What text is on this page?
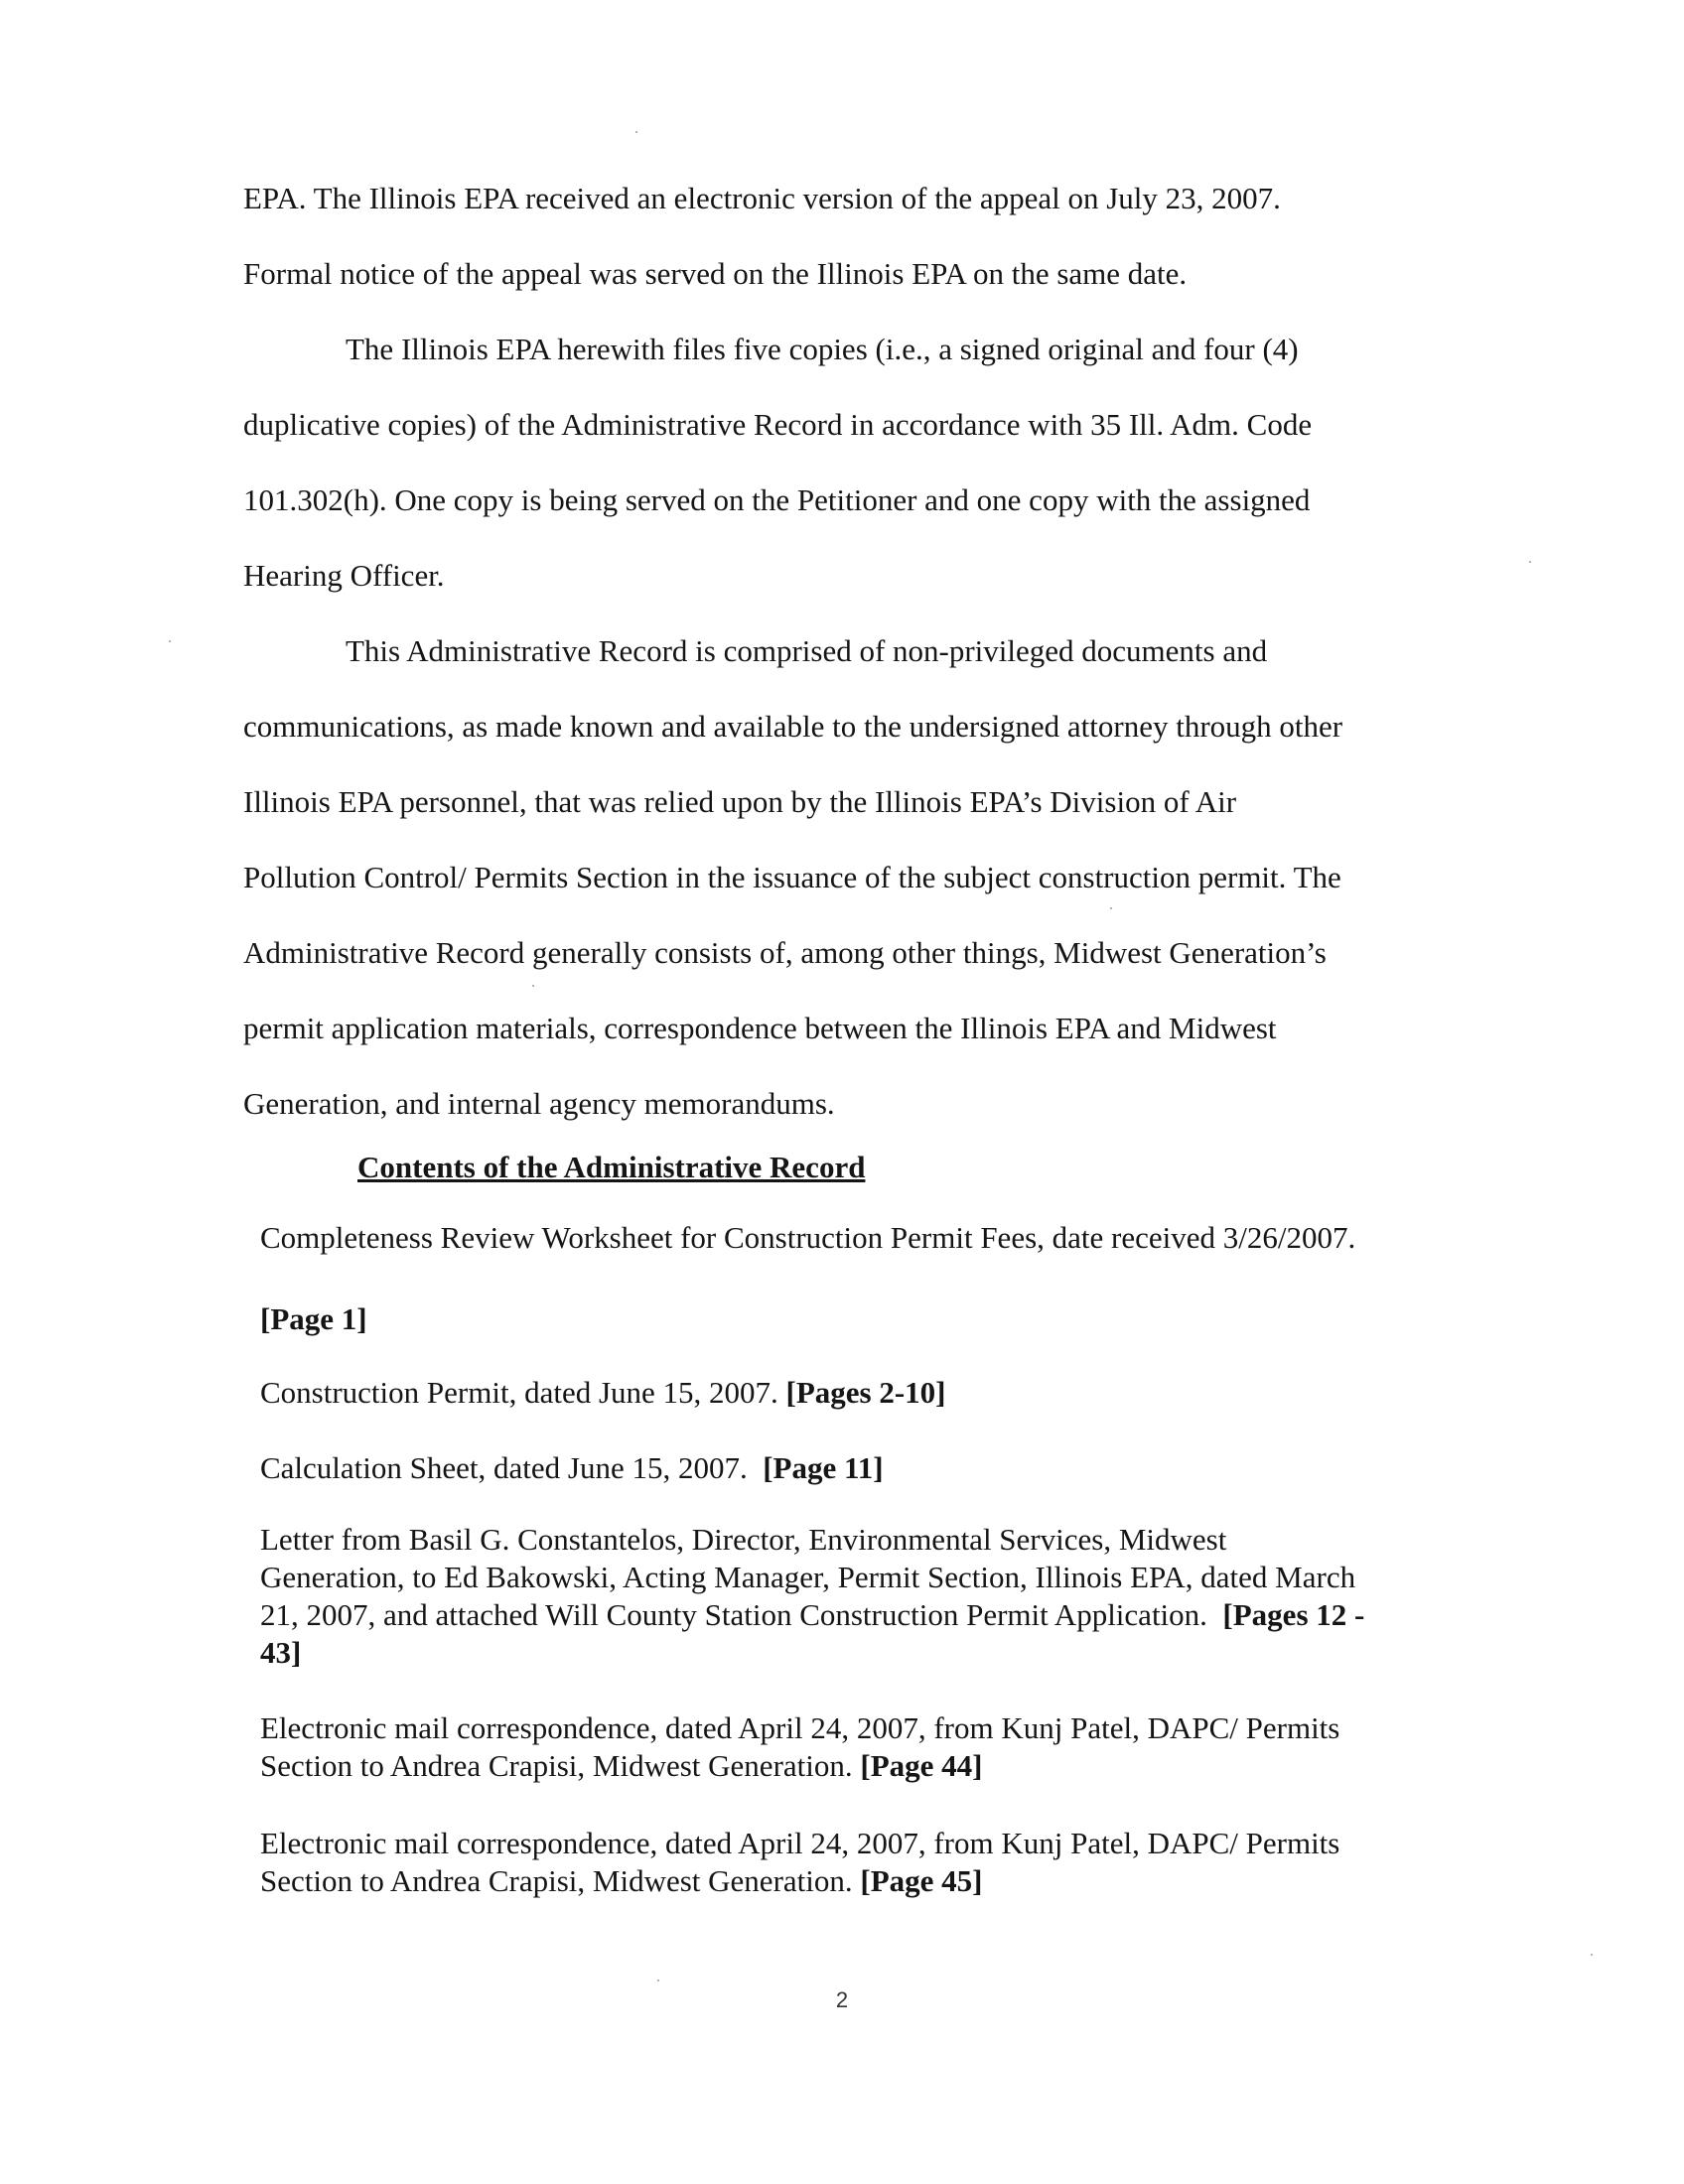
EPA. The Illinois EPA received an electronic version of the appeal on July 23, 2007.
Formal notice of the appeal was served on the Illinois EPA on the same date.

The Illinois EPA herewith files five copies (i.e., a signed original and four (4)
duplicative copies) of the Administrative Record in accordance with 35 Ill. Adm. Code
101.302(h). One copy is being served on the Petitioner and one copy with the assigned
Hearing Officer.

This Administrative Record is comprised of non-privileged documents and
communications, as made known and available to the undersigned attorney through other
Illinois EPA personnel, that was relied upon by the Illinois EPA’s Division of Air
Pollution Control/ Permits Section in the issuance of the subject construction permit. The
Administrative Record generally consists of, among other things, Midwest Generation’s
permit application materials, correspondence between the Illinois EPA and Midwest
Generation, and internal agency memorandums.

Contents of the Administrative Record

Completeness Review Worksheet for Construction Permit Fees, date received 3/26/2007.

[Page 1]

Construction Permit, dated June 15, 2007. [Pages 2-10]

Calculation Sheet, dated June 15, 2007. [Page 11]

Letter from Basil G. Constantelos, Director, Environmental Services, Midwest
Generation, to Ed Bakowski, Acting Manager, Permit Section, Illinois EPA, dated March
21, 2007, and attached Will County Station Construction Permit Application. [Pages 12 -
43]

Electronic mail correspondence, dated April 24, 2007, from Kunj Patel, DAPC/ Permits
Section to Andrea Crapisi, Midwest Generation. [Page 44]

Electronic mail correspondence, dated April 24, 2007, from Kunj Patel, DAPC/ Permits
Section to Andrea Crapisi, Midwest Generation. [Page 45]

2
